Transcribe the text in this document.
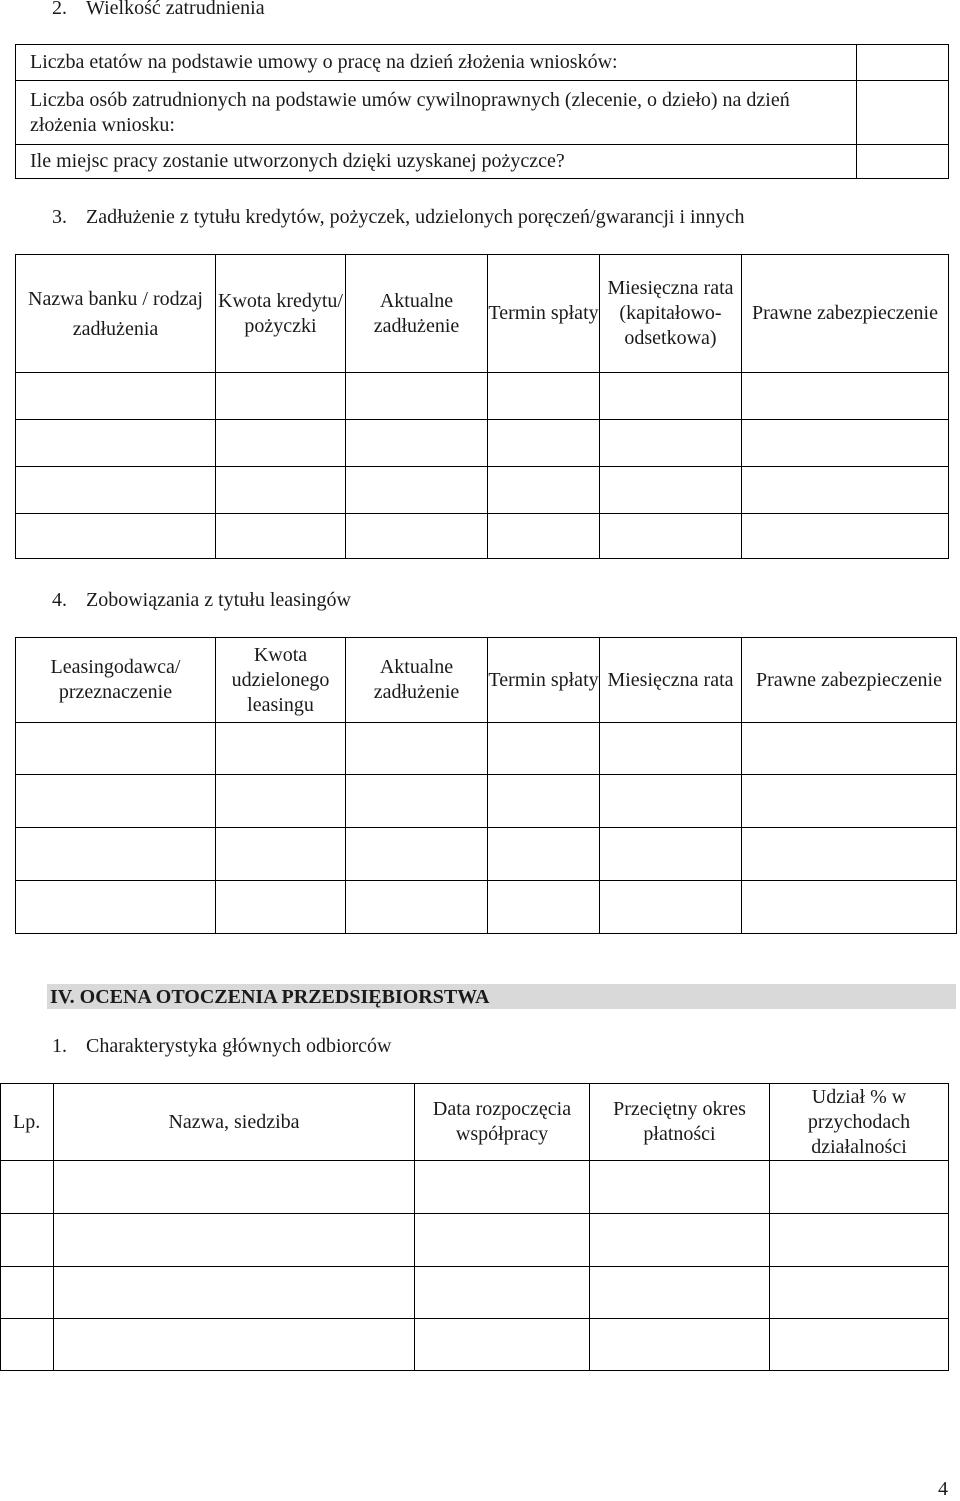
2. Wielkość zatrudnienia
Liczba etatów na podstawie umowy o pracę na dzień złożenia wniosków:	
Liczba osób zatrudnionych na podstawie umów cywilnoprawnych (zlecenie, o dzieło) na dzień złożenia wniosku:	
Ile miejsc pracy zostanie utworzonych dzięki uzyskanej pożyczce?	
3. Zadłużenie z tytułu kredytów, pożyczek, udzielonych poręczeń/gwarancji i innych
Nazwa banku / rodzaj zadłużenia	Kwota kredytu/ pożyczki	Aktualne zadłużenie	Termin spłaty	Miesięczna rata (kapitałowo-odsetkowa)	Prawne zabezpieczenie

4. Zobowiązania z tytułu leasingów
Leasingodawca/ przeznaczenie	Kwota udzielonego leasingu	Aktualne zadłużenie	Termin spłaty	Miesięczna rata	Prawne zabezpieczenie

IV. OCENA OTOCZENIA PRZEDSIĘBIORSTWA
1. Charakterystyka głównych odbiorców
Lp.	Nazwa, siedziba	Data rozpoczęcia współpracy	Przeciętny okres płatności	Udział % w przychodach działalności

4
